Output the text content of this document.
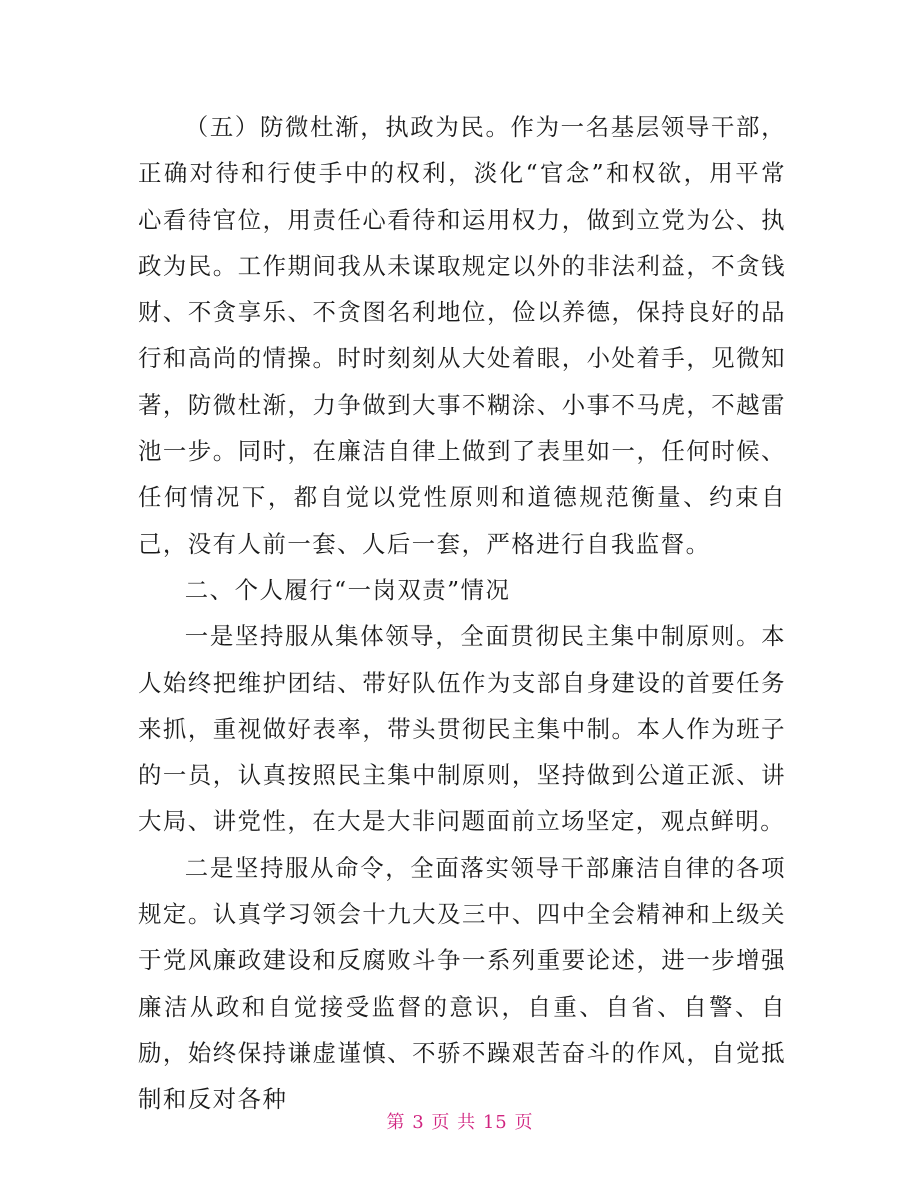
（五）防微杜渐，执政为民。作为一名基层领导干部，正确对待和行使手中的权利，淡化“官念”和权欲，用平常心看待官位，用责任心看待和运用权力，做到立党为公、执政为民。工作期间我从未谋取规定以外的非法利益，不贪钱财、不贪享乐、不贪图名利地位，俭以养德，保持良好的品行和高尚的情操。时时刻刻从大处着眼，小处着手，见微知著，防微杜渐，力争做到大事不糊涂、小事不马虎，不越雷池一步。同时，在廉洁自律上做到了表里如一，任何时候、任何情况下，都自觉以党性原则和道德规范衡量、约束自己，没有人前一套、人后一套，严格进行自我监督。

二、个人履行“一岗双责”情况

一是坚持服从集体领导，全面贯彻民主集中制原则。本人始终把维护团结、带好队伍作为支部自身建设的首要任务来抓，重视做好表率，带头贯彻民主集中制。本人作为班子的一员，认真按照民主集中制原则，坚持做到公道正派、讲大局、讲党性，在大是大非问题面前立场坚定，观点鲜明。

二是坚持服从命令，全面落实领导干部廉洁自律的各项规定。认真学习领会十九大及三中、四中全会精神和上级关于党风廉政建设和反腐败斗争一系列重要论述，进一步增强廉洁从政和自觉接受监督的意识，自重、自省、自警、自励，始终保持谦虚谨慎、不骄不躁艰苦奋斗的作风，自觉抵制和反对各种

第 3 页 共 15 页
